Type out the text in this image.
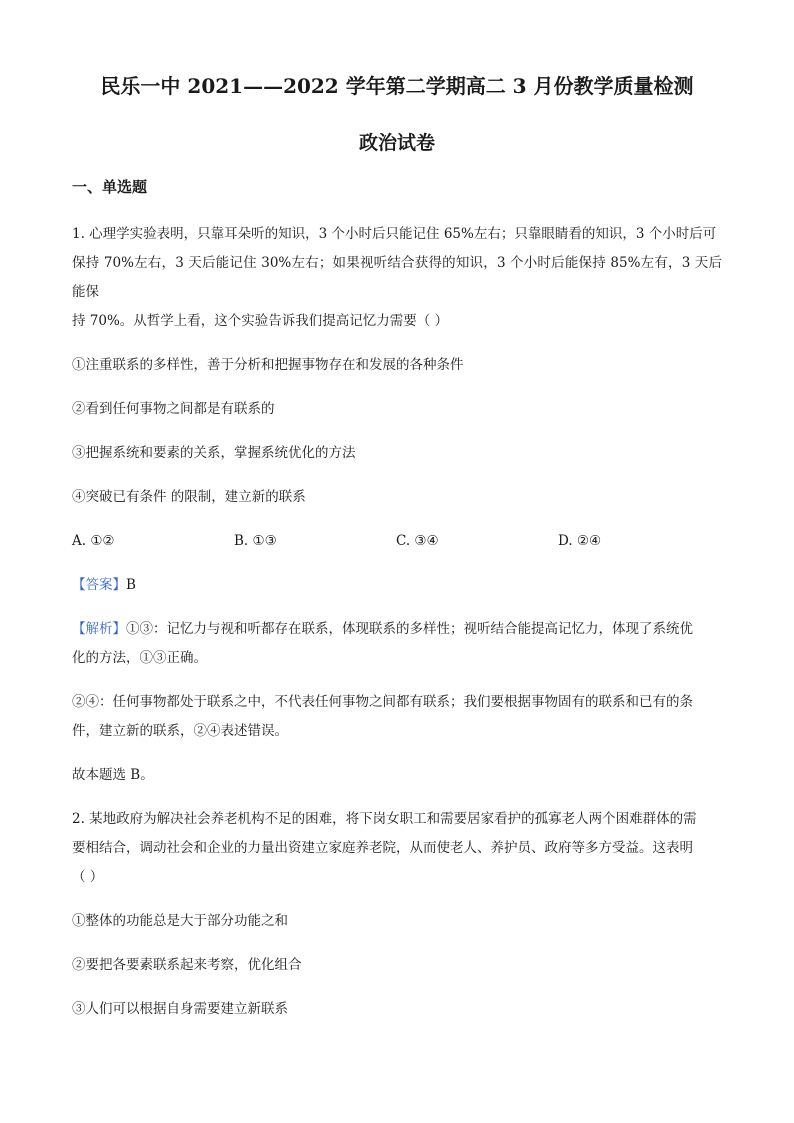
民乐一中 2021——2022 学年第二学期高二 3 月份教学质量检测
政治试卷
一、单选题

1. 心理学实验表明，只靠耳朵听的知识，3 个小时后只能记住 65%左右；只靠眼睛看的知识，3 个小时后可

保持 70%左右，3 天后能记住 30%左右；如果视听结合获得的知识，3 个小时后能保持 85%左有，3 天后能保

持 70%。从哲学上看，这个实验告诉我们提高记忆力需要（ ）

①注重联系的多样性，善于分析和把握事物存在和发展的各种条件

②看到任何事物之间都是有联系的

③把握系统和要素的关系，掌握系统优化的方法

④突破已有条件 的限制，建立新的联系

A. ①②	B. ①③	C. ③④	D. ②④

【答案】B

【解析】①③：记忆力与视和听都存在联系，体现联系的多样性；视听结合能提高记忆力，体现了系统优

化的方法，①③正确。

②④：任何事物都处于联系之中，不代表任何事物之间都有联系；我们要根据事物固有的联系和已有的条

件，建立新的联系，②④表述错误。

故本题选 B。

2. 某地政府为解决社会养老机构不足的困难，将下岗女职工和需要居家看护的孤寡老人两个困难群体的需

要相结合，调动社会和企业的力量出资建立家庭养老院，从而使老人、养护员、政府等多方受益。这表明

（ ）

①整体的功能总是大于部分功能之和

②要把各要素联系起来考察，优化组合

③人们可以根据自身需要建立新联系
